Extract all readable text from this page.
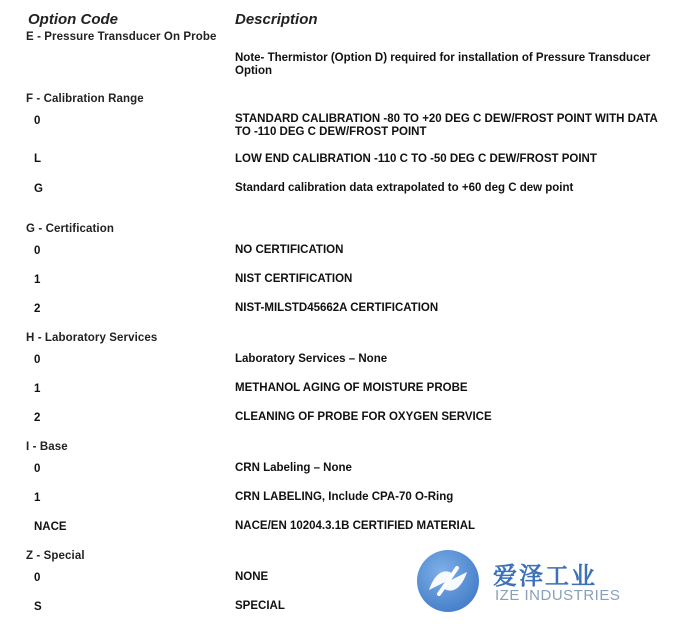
Option Code	Description
E - Pressure Transducer On Probe
Note- Thermistor (Option D) required for installation of Pressure Transducer Option
F - Calibration Range
0	STANDARD CALIBRATION -80 TO +20 DEG C DEW/FROST POINT WITH DATA TO -110 DEG C DEW/FROST POINT
L	LOW END CALIBRATION -110 C TO -50 DEG C DEW/FROST POINT
G	Standard calibration data extrapolated to +60 deg C dew point
G - Certification
0	NO CERTIFICATION
1	NIST CERTIFICATION
2	NIST-MILSTD45662A CERTIFICATION
H - Laboratory Services
0	Laboratory Services – None
1	METHANOL AGING OF MOISTURE PROBE
2	CLEANING OF PROBE FOR OXYGEN SERVICE
I - Base
0	CRN Labeling – None
1	CRN LABELING, Include CPA-70 O-Ring
NACE	NACE/EN 10204.3.1B CERTIFIED MATERIAL
Z - Special
0	NONE
S	SPECIAL
爱泽工业
IZE INDUSTRIES
